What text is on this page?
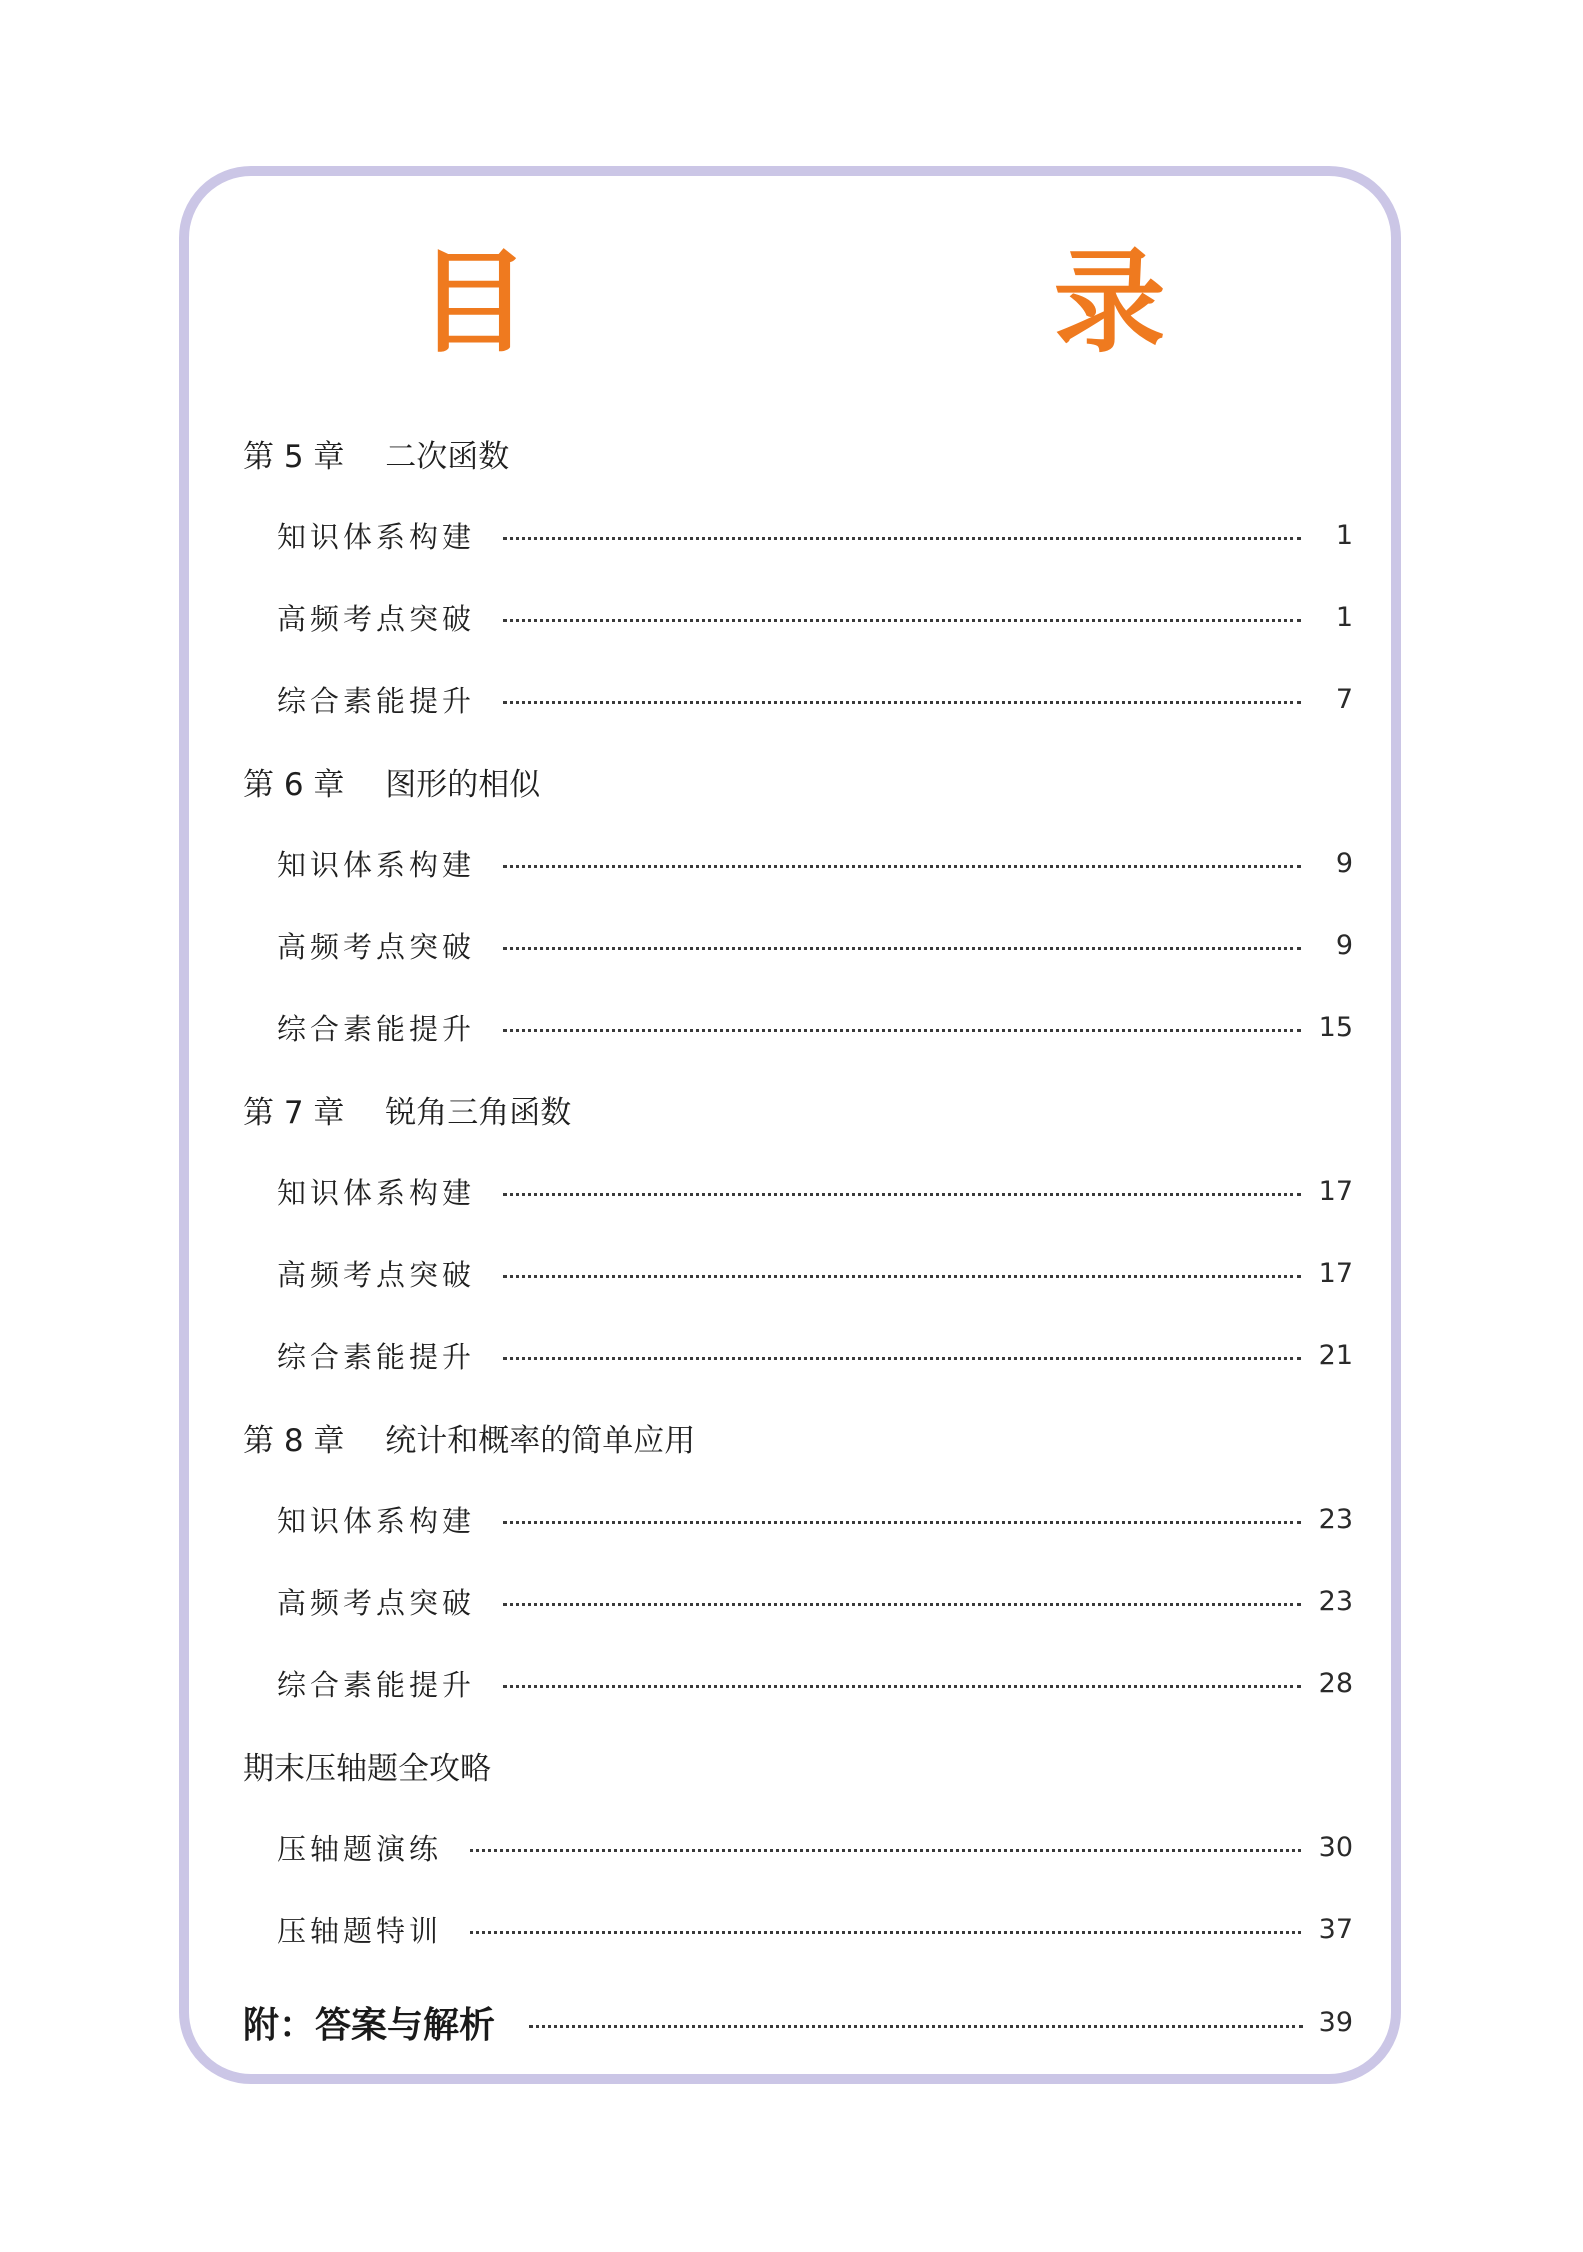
目　　录
第 5 章　 二次函数
知识体系构建	1
高频考点突破	1
综合素能提升	7
第 6 章　 图形的相似
知识体系构建	9
高频考点突破	9
综合素能提升	15
第 7 章　 锐角三角函数
知识体系构建	17
高频考点突破	17
综合素能提升	21
第 8 章　 统计和概率的简单应用
知识体系构建	23
高频考点突破	23
综合素能提升	28
期末压轴题全攻略
压轴题演练	30
压轴题特训	37
附：答案与解析	39
